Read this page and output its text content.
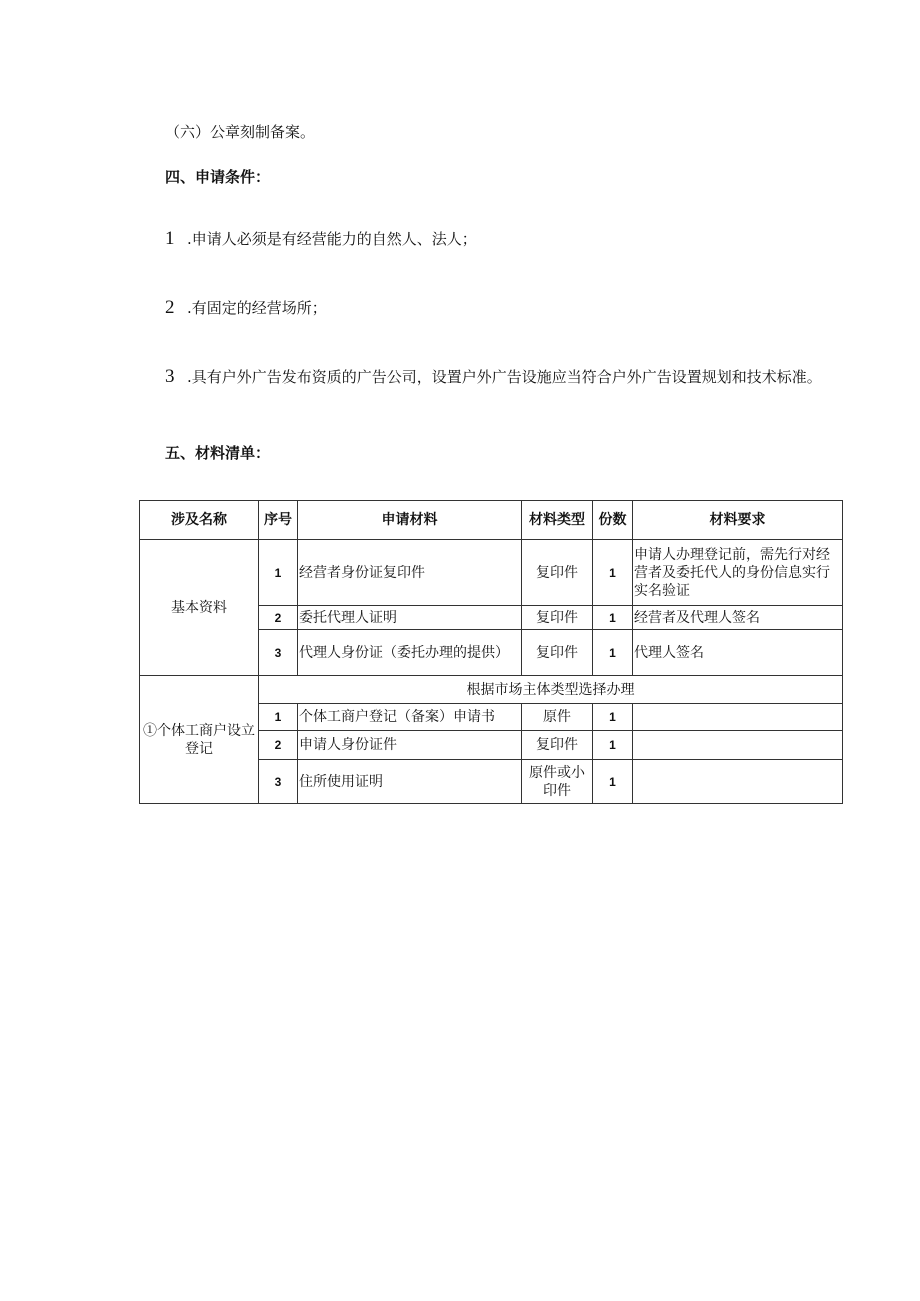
（六）公章刻制备案。
四、申请条件：
1 .申请人必须是有经营能力的自然人、法人；
2 .有固定的经营场所；
3 .具有户外广告发布资质的广告公司，设置户外广告设施应当符合户外广告设置规划和技术标准。
五、材料清单：
涉及名称	序号	申请材料	材料类型	份数	材料要求
基本资料	1	经营者身份证复印件	复印件	1	申请人办理登记前，需先行对经营者及委托代人的身份信息实行实名验证
	2	委托代理人证明	复印件	1	经营者及代理人签名
	3	代理人身份证（委托办理的提供）	复印件	1	代理人签名
①个体工商户设立登记	根据市场主体类型选择办理				
	1	个体工商户登记（备案）申请书	原件	1	
	2	申请人身份证件	复印件	1	
	3	住所使用证明	原件或小印件	1	
